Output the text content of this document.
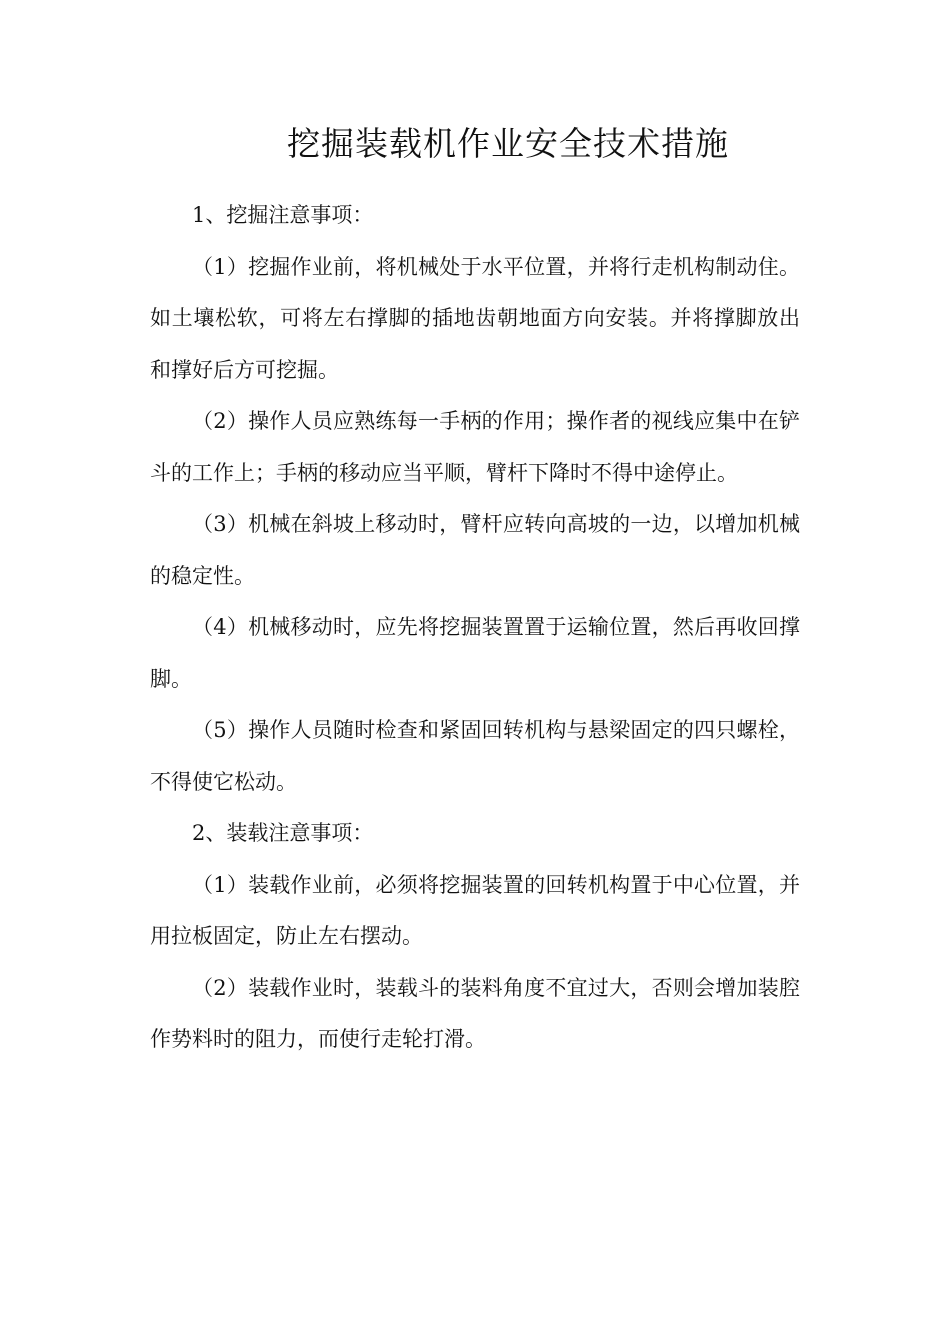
挖掘装载机作业安全技术措施

1、挖掘注意事项：

（1）挖掘作业前，将机械处于水平位置，并将行走机构制动住。如土壤松软，可将左右撑脚的插地齿朝地面方向安装。并将撑脚放出和撑好后方可挖掘。

（2）操作人员应熟练每一手柄的作用；操作者的视线应集中在铲斗的工作上；手柄的移动应当平顺，臂杆下降时不得中途停止。

（3）机械在斜坡上移动时，臂杆应转向高坡的一边，以增加机械的稳定性。

（4）机械移动时，应先将挖掘装置置于运输位置，然后再收回撑脚。

（5）操作人员随时检查和紧固回转机构与悬梁固定的四只螺栓，不得使它松动。

2、装载注意事项：

（1）装载作业前，必须将挖掘装置的回转机构置于中心位置，并用拉板固定，防止左右摆动。

（2）装载作业时，装载斗的装料角度不宜过大，否则会增加装腔作势料时的阻力，而使行走轮打滑。
